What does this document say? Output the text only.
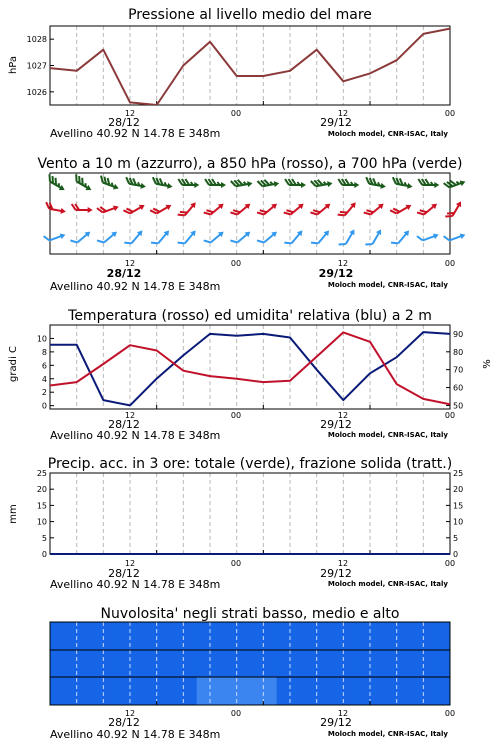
Pressione al livello medio del mare
hPa
1026
1027
1028
12	00	12	00
28/12	29/12
Avellino 40.92 N 14.78 E 348m	Moloch model, CNR-ISAC, Italy
Vento a 10 m (azzurro), a 850 hPa (rosso), a 700 hPa (verde)
12	00	12	00
28/12	29/12
Avellino 40.92 N 14.78 E 348m	Moloch model, CNR-ISAC, Italy
Temperatura (rosso) ed umidita' relativa (blu) a 2 m
gradi C	%
0
2
4
6
8
10
50
60
70
80
90
12	00	12	00
28/12	29/12
Avellino 40.92 N 14.78 E 348m	Moloch model, CNR-ISAC, Italy
Precip. acc. in 3 ore: totale (verde), frazione solida (tratt.)
mm
0
5
10
15
20
25
0
5
10
15
20
25
12	00	12	00
28/12	29/12
Avellino 40.92 N 14.78 E 348m	Moloch model, CNR-ISAC, Italy
Nuvolosita' negli strati basso, medio e alto
12	00	12	00
28/12	29/12
Avellino 40.92 N 14.78 E 348m	Moloch model, CNR-ISAC, Italy
